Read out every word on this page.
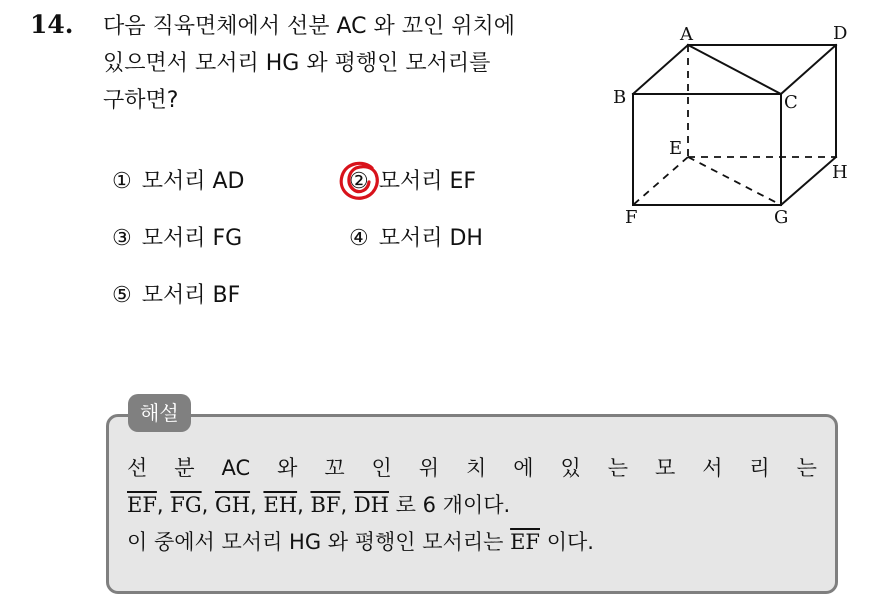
14. 다음 직육면체에서 선분 AC 와 꼬인 위치에
있으면서 모서리 HG 와 평행인 모서리를
구하면?
① 모서리 AD	② 모서리 EF
③ 모서리 FG	④ 모서리 DH
⑤ 모서리 BF
A	D
B	C
E
H
F	G
해설
선 분 AC 와 꼬 인 위 치 에 있 는 모 서 리 는
$\overline{EF}$, $\overline{FG}$, $\overline{GH}$, $\overline{EH}$, $\overline{BF}$, $\overline{DH}$ 로 6 개이다.
이 중에서 모서리 HG 와 평행인 모서리는 $\overline{EF}$ 이다.
